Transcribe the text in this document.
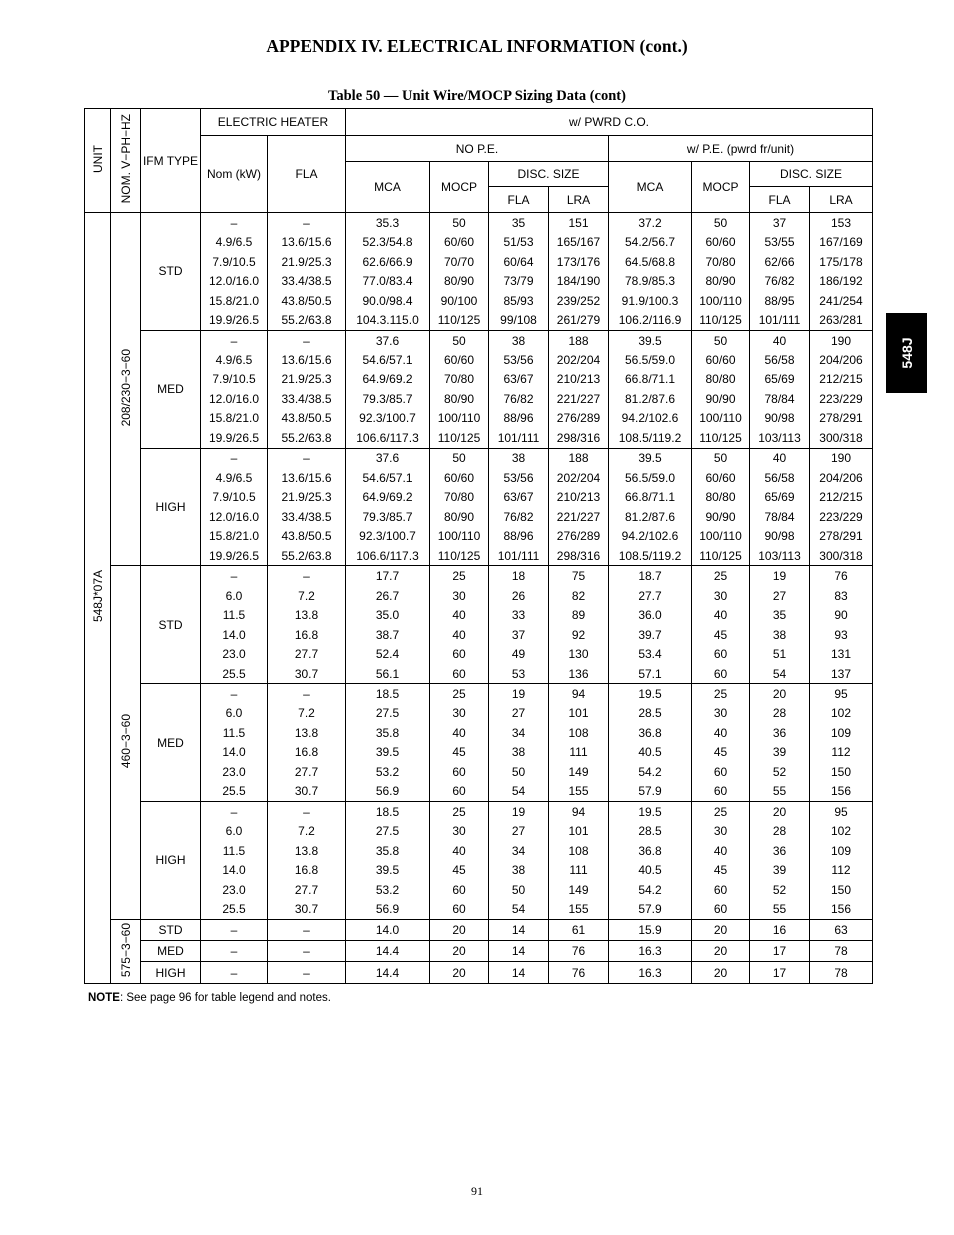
APPENDIX IV. ELECTRICAL INFORMATION (cont.)
Table 50 — Unit Wire/MOCP Sizing Data (cont)
548J
UNIT	NOM. V−PH−HZ	IFM TYPE	ELECTRIC HEATER		w/ PWRD C.O.							
			Nom (kW)	FLA	NO P.E.				w/ P.E. (pwrd fr/unit)			
					MCA	MOCP	DISC. SIZE		MCA	MOCP	DISC. SIZE	
							FLA	LRA			FLA	LRA
548J*07A	208/230−3−60	STD	–	–	35.3	50	35	151	37.2	50	37	153
			4.9/6.5	13.6/15.6	52.3/54.8	60/60	51/53	165/167	54.2/56.7	60/60	53/55	167/169
			7.9/10.5	21.9/25.3	62.6/66.9	70/70	60/64	173/176	64.5/68.8	70/80	62/66	175/178
			12.0/16.0	33.4/38.5	77.0/83.4	80/90	73/79	184/190	78.9/85.3	80/90	76/82	186/192
			15.8/21.0	43.8/50.5	90.0/98.4	90/100	85/93	239/252	91.9/100.3	100/110	88/95	241/254
			19.9/26.5	55.2/63.8	104.3.115.0	110/125	99/108	261/279	106.2/116.9	110/125	101/111	263/281
		MED	–	–	37.6	50	38	188	39.5	50	40	190
			4.9/6.5	13.6/15.6	54.6/57.1	60/60	53/56	202/204	56.5/59.0	60/60	56/58	204/206
			7.9/10.5	21.9/25.3	64.9/69.2	70/80	63/67	210/213	66.8/71.1	80/80	65/69	212/215
			12.0/16.0	33.4/38.5	79.3/85.7	80/90	76/82	221/227	81.2/87.6	90/90	78/84	223/229
			15.8/21.0	43.8/50.5	92.3/100.7	100/110	88/96	276/289	94.2/102.6	100/110	90/98	278/291
			19.9/26.5	55.2/63.8	106.6/117.3	110/125	101/111	298/316	108.5/119.2	110/125	103/113	300/318
		HIGH	–	–	37.6	50	38	188	39.5	50	40	190
			4.9/6.5	13.6/15.6	54.6/57.1	60/60	53/56	202/204	56.5/59.0	60/60	56/58	204/206
			7.9/10.5	21.9/25.3	64.9/69.2	70/80	63/67	210/213	66.8/71.1	80/80	65/69	212/215
			12.0/16.0	33.4/38.5	79.3/85.7	80/90	76/82	221/227	81.2/87.6	90/90	78/84	223/229
			15.8/21.0	43.8/50.5	92.3/100.7	100/110	88/96	276/289	94.2/102.6	100/110	90/98	278/291
			19.9/26.5	55.2/63.8	106.6/117.3	110/125	101/111	298/316	108.5/119.2	110/125	103/113	300/318
	460−3−60	STD	–	–	17.7	25	18	75	18.7	25	19	76
			6.0	7.2	26.7	30	26	82	27.7	30	27	83
			11.5	13.8	35.0	40	33	89	36.0	40	35	90
			14.0	16.8	38.7	40	37	92	39.7	45	38	93
			23.0	27.7	52.4	60	49	130	53.4	60	51	131
			25.5	30.7	56.1	60	53	136	57.1	60	54	137
		MED	–	–	18.5	25	19	94	19.5	25	20	95
			6.0	7.2	27.5	30	27	101	28.5	30	28	102
			11.5	13.8	35.8	40	34	108	36.8	40	36	109
			14.0	16.8	39.5	45	38	111	40.5	45	39	112
			23.0	27.7	53.2	60	50	149	54.2	60	52	150
			25.5	30.7	56.9	60	54	155	57.9	60	55	156
		HIGH	–	–	18.5	25	19	94	19.5	25	20	95
			6.0	7.2	27.5	30	27	101	28.5	30	28	102
			11.5	13.8	35.8	40	34	108	36.8	40	36	109
			14.0	16.8	39.5	45	38	111	40.5	45	39	112
			23.0	27.7	53.2	60	50	149	54.2	60	52	150
			25.5	30.7	56.9	60	54	155	57.9	60	55	156
	575−3−60	STD	–	–	14.0	20	14	61	15.9	20	16	63
		MED	–	–	14.4	20	14	76	16.3	20	17	78
		HIGH	–	–	14.4	20	14	76	16.3	20	17	78
NOTE: See page 96 for table legend and notes.
91
